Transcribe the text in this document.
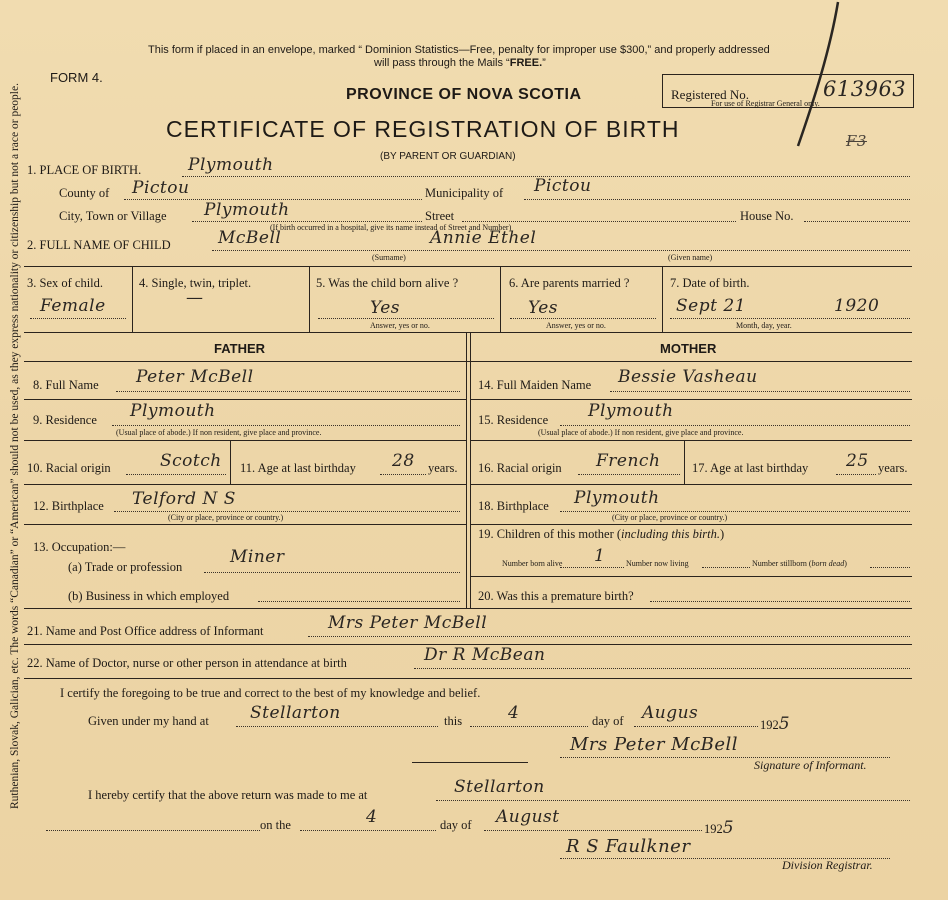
Ruthenian, Slovak, Galician, etc. The words “Canadian” or “American” should not be used, as they express nationality or citizenship but not a race or people.
This form if placed in an envelope, marked “ Dominion Statistics—Free, penalty for improper use $300,” and properly addressed
will pass through the Mails “FREE.”
FORM 4.
PROVINCE OF NOVA SCOTIA	Registered No.	613963
For use of Registrar General only.
CERTIFICATE OF REGISTRATION OF BIRTH
(BY PARENT OR GUARDIAN)
F3
1. PLACE OF BIRTH.	Plymouth
County of Pictou	Municipality of Pictou
City, Town or Village Plymouth	Street	House No.
(If birth occurred in a hospital, give its name instead of Street and Number)
2. FULL NAME OF CHILD	McBell	Annie Ethel
(Surname)	(Given name)
3. Sex of child.
Female
4. Single, twin, triplet.
—
5. Was the child born alive ?
Yes
Answer, yes or no.
6. Are parents married ?
Yes
Answer, yes or no.
7. Date of birth.
Sept 21	1920
Month, day, year.
FATHER	MOTHER
8. Full Name Peter McBell
9. Residence Plymouth
(Usual place of abode.) If non resident, give place and province.
10. Racial origin	Scotch 11. Age at last birthday 28 years.
12. Birthplace Telford N S
(City or place, province or country.)
13. Occupation:—
(a) Trade or profession	Miner
(b) Business in which employed
14. Full Maiden Name Bessie Vasheau
15. Residence Plymouth
(Usual place of abode.) If non resident, give place and province.
16. Racial origin French	17. Age at last birthday 25 years.
18. Birthplace Plymouth
(City or place, province or country.)
19. Children of this mother (including this birth.)
Number born alive 1	Number now living	Number stillborn (born dead)
20. Was this a premature birth?
21. Name and Post Office address of Informant	Mrs Peter McBell
22. Name of Doctor, nurse or other person in attendance at birth	Dr R McBean
I certify the foregoing to be true and correct to the best of my knowledge and belief.
Given under my hand at Stellarton	this	4	day of Augus
1925
Mrs Peter McBell
Signature of Informant.
I hereby certify that the above return was made to me at	Stellarton
on the	4	day of August
1925
R S Faulkner
Division Registrar.
